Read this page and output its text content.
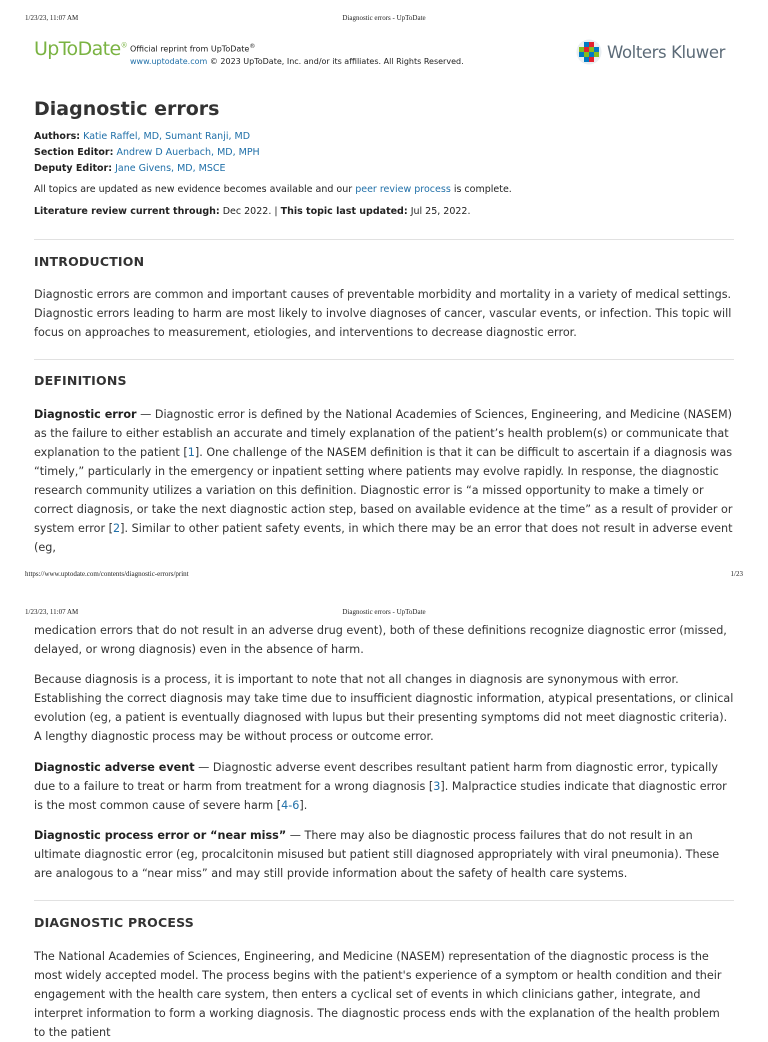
1/23/23, 11:07 AM	Diagnostic errors - UpToDate
UpToDate® Official reprint from UpToDate®
www.uptodate.com © 2023 UpToDate, Inc. and/or its affiliates. All Rights Reserved.	Wolters Kluwer
Diagnostic errors
Authors: Katie Raffel, MD, Sumant Ranji, MD
Section Editor: Andrew D Auerbach, MD, MPH
Deputy Editor: Jane Givens, MD, MSCE
All topics are updated as new evidence becomes available and our peer review process is complete.
Literature review current through: Dec 2022. | This topic last updated: Jul 25, 2022.
INTRODUCTION

Diagnostic errors are common and important causes of preventable morbidity and mortality in a variety of medical settings. Diagnostic errors leading to harm are most likely to involve diagnoses of cancer, vascular events, or infection. This topic will focus on approaches to measurement, etiologies, and interventions to decrease diagnostic error.

DEFINITIONS

Diagnostic error — Diagnostic error is defined by the National Academies of Sciences, Engineering, and Medicine (NASEM) as the failure to either establish an accurate and timely explanation of the patient’s health problem(s) or communicate that explanation to the patient [1]. One challenge of the NASEM definition is that it can be difficult to ascertain if a diagnosis was “timely,” particularly in the emergency or inpatient setting where patients may evolve rapidly. In response, the diagnostic research community utilizes a variation on this definition. Diagnostic error is “a missed opportunity to make a timely or correct diagnosis, or take the next diagnostic action step, based on available evidence at the time” as a result of provider or system error [2]. Similar to other patient safety events, in which there may be an error that does not result in adverse event (eg,

https://www.uptodate.com/contents/diagnostic-errors/print	1/23
1/23/23, 11:07 AM	Diagnostic errors - UpToDate

medication errors that do not result in an adverse drug event), both of these definitions recognize diagnostic error (missed, delayed, or wrong diagnosis) even in the absence of harm.

Because diagnosis is a process, it is important to note that not all changes in diagnosis are synonymous with error. Establishing the correct diagnosis may take time due to insufficient diagnostic information, atypical presentations, or clinical evolution (eg, a patient is eventually diagnosed with lupus but their presenting symptoms did not meet diagnostic criteria). A lengthy diagnostic process may be without process or outcome error.

Diagnostic adverse event — Diagnostic adverse event describes resultant patient harm from diagnostic error, typically due to a failure to treat or harm from treatment for a wrong diagnosis [3]. Malpractice studies indicate that diagnostic error is the most common cause of severe harm [4-6].

Diagnostic process error or “near miss” — There may also be diagnostic process failures that do not result in an ultimate diagnostic error (eg, procalcitonin misused but patient still diagnosed appropriately with viral pneumonia). These are analogous to a “near miss” and may still provide information about the safety of health care systems.

DIAGNOSTIC PROCESS

The National Academies of Sciences, Engineering, and Medicine (NASEM) representation of the diagnostic process is the most widely accepted model. The process begins with the patient's experience of a symptom or health condition and their engagement with the health care system, then enters a cyclical set of events in which clinicians gather, integrate, and interpret information to form a working diagnosis. The diagnostic process ends with the explanation of the health problem to the patient
